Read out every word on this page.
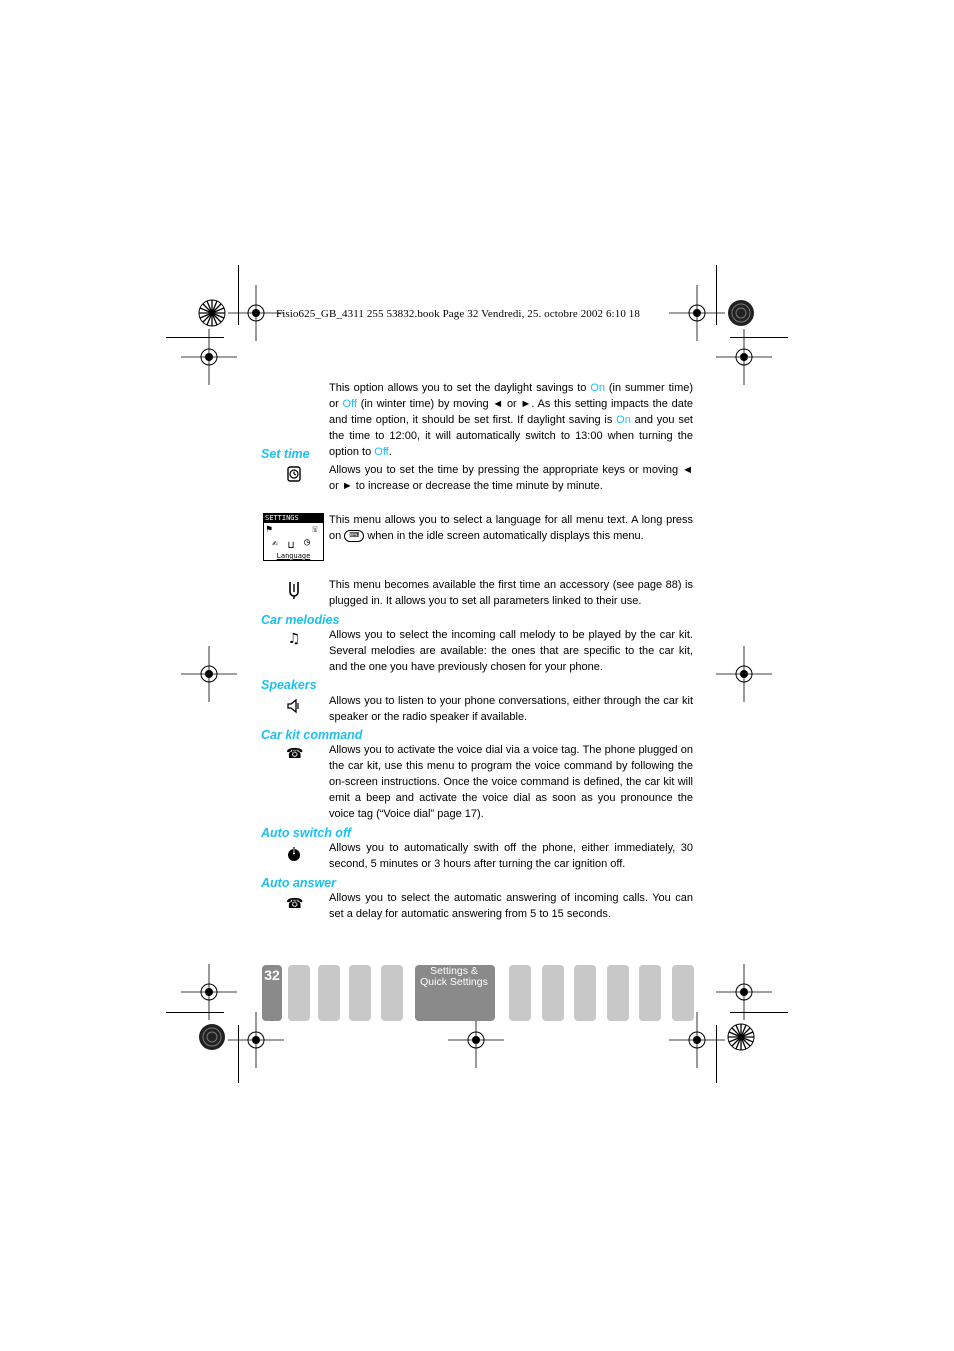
Fisio625_GB_4311 255 53832.book Page 32 Vendredi, 25. octobre 2002 6:10 18
This option allows you to set the daylight savings to On (in summer time) or Off (in winter time) by moving ◄ or ►. As this setting impacts the date and time option, it should be set first. If daylight saving is On and you set the time to 12:00, it will automatically switch to 13:00 when turning the option to Off.
Set time
Allows you to set the time by pressing the appropriate keys or moving ◄ or ► to increase or decrease the time minute by minute.
SETTINGS
⚑	☏
✍ ⊔ ◷
Language
This menu allows you to select a language for all menu text. A long press on ⌨ when in the idle screen automatically displays this menu.
This menu becomes available the first time an accessory (see page 88) is plugged in. It allows you to set all parameters linked to their use.
Car melodies
♫	Allows you to select the incoming call melody to be played by the car kit. Several melodies are available: the ones that are specific to the car kit, and the one you have previously chosen for your phone.
Speakers
Allows you to listen to your phone conversations, either through the car kit speaker or the radio speaker if available.
Car kit command
☎ Allows you to activate the voice dial via a voice tag. The phone plugged on the car kit, use this menu to program the voice command by following the on-screen instructions. Once the voice command is defined, the car kit will emit a beep and activate the voice dial as soon as you pronounce the voice tag (“Voice dial” page 17).
Auto switch off
Allows you to automatically swith off the phone, either immediately, 30 second, 5 minutes or 3 hours after turning the car ignition off.
Auto answer
☎ Allows you to select the automatic answering of incoming calls. You can set a delay for automatic answering from 5 to 15 seconds.
32	Settings &
Quick Settings
